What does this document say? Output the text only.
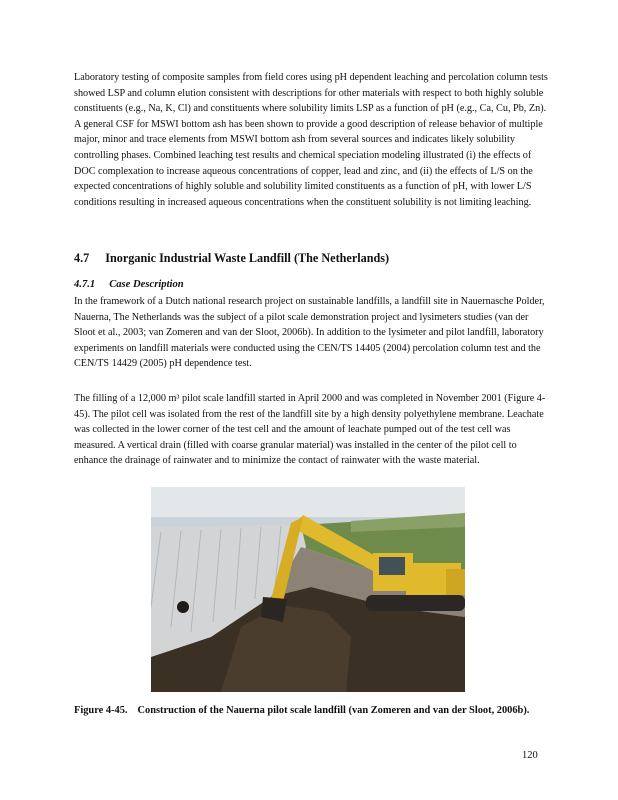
Laboratory testing of composite samples from field cores using pH dependent leaching and percolation column tests showed LSP and column elution consistent with descriptions for other materials with respect to both highly soluble constituents (e.g., Na, K, Cl) and constituents where solubility limits LSP as a function of pH (e.g., Ca, Cu, Pb, Zn). A general CSF for MSWI bottom ash has been shown to provide a good description of release behavior of multiple major, minor and trace elements from MSWI bottom ash from several sources and indicates likely solubility controlling phases. Combined leaching test results and chemical speciation modeling illustrated (i) the effects of DOC complexation to increase aqueous concentrations of copper, lead and zinc, and (ii) the effects of L/S on the expected concentrations of highly soluble and solubility limited constituents as a function of pH, with lower L/S conditions resulting in increased aqueous concentrations when the constituent solubility is not limiting leaching.

4.7 Inorganic Industrial Waste Landfill (The Netherlands)
4.7.1 Case Description

In the framework of a Dutch national research project on sustainable landfills, a landfill site in Nauernasche Polder, Nauerna, The Netherlands was the subject of a pilot scale demonstration project and lysimeters studies (van der Sloot et al., 2003; van Zomeren and van der Sloot, 2006b). In addition to the lysimeter and pilot landfill, laboratory experiments on landfill materials were conducted using the CEN/TS 14405 (2004) percolation column test and the CEN/TS 14429 (2005) pH dependence test.

The filling of a 12,000 m³ pilot scale landfill started in April 2000 and was completed in November 2001 (Figure 4-45). The pilot cell was isolated from the rest of the landfill site by a high density polyethylene membrane. Leachate was collected in the lower corner of the test cell and the amount of leachate pumped out of the test cell was measured. A vertical drain (filled with coarse granular material) was installed in the center of the pilot cell to enhance the drainage of rainwater and to minimize the contact of rainwater with the waste material.

Figure 4-45. Construction of the Nauerna pilot scale landfill (van Zomeren and van der Sloot, 2006b).

120
